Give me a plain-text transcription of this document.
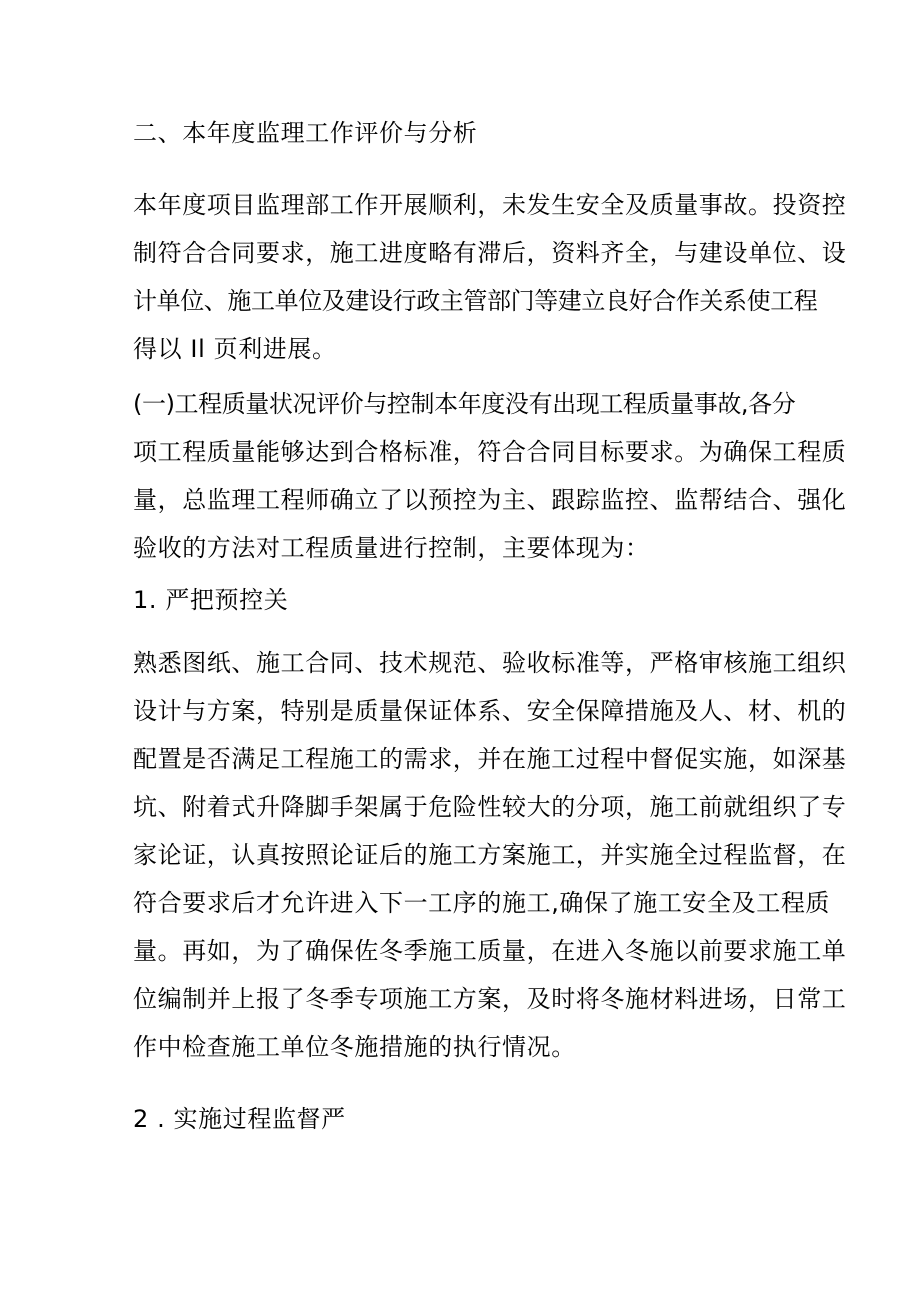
二、本年度监理工作评价与分析
本年度项目监理部工作开展顺利，未发生安全及质量事故。投资控
制符合合同要求，施工进度略有滞后，资料齐全，与建设单位、设
计单位、施工单位及建设行政主管部门等建立良好合作关系使工程
得以 Il 页利进展。
(一)工程质量状况评价与控制本年度没有出现工程质量事故,各分
项工程质量能够达到合格标准，符合合同目标要求。为确保工程质
量，总监理工程师确立了以预控为主、跟踪监控、监帮结合、强化
验收的方法对工程质量进行控制，主要体现为：
1. 严把预控关
熟悉图纸、施工合同、技术规范、验收标准等，严格审核施工组织
设计与方案，特别是质量保证体系、安全保障措施及人、材、机的
配置是否满足工程施工的需求，并在施工过程中督促实施，如深基
坑、附着式升降脚手架属于危险性较大的分项，施工前就组织了专
家论证，认真按照论证后的施工方案施工，并实施全过程监督，在
符合要求后才允许进入下一工序的施工,确保了施工安全及工程质
量。再如，为了确保佐冬季施工质量，在进入冬施以前要求施工单
位编制并上报了冬季专项施工方案，及时将冬施材料进场，日常工
作中检查施工单位冬施措施的执行情况。
2 . 实施过程监督严
